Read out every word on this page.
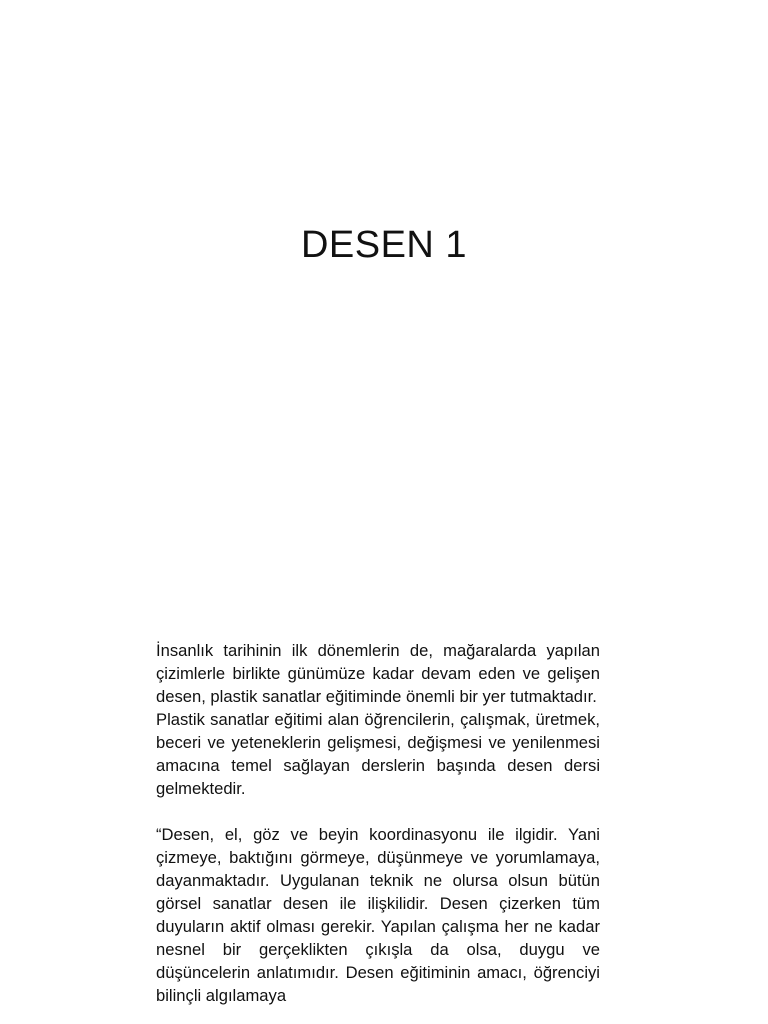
DESEN 1

İnsanlık tarihinin ilk dönemlerin de, mağaralarda yapılan çizimlerle birlikte günümüze kadar devam eden ve gelişen desen, plastik sanatlar eğitiminde önemli bir yer tutmaktadır.

Plastik sanatlar eğitimi alan öğrencilerin, çalışmak, üretmek, beceri ve yeteneklerin gelişmesi, değişmesi ve yenilenmesi amacına temel sağlayan derslerin başında desen dersi gelmektedir.

“Desen, el, göz ve beyin koordinasyonu ile ilgidir. Yani çizmeye, baktığını görmeye, düşünmeye ve yorumlamaya, dayanmaktadır. Uygulanan teknik ne olursa olsun bütün görsel sanatlar desen ile ilişkilidir. Desen çizerken tüm duyuların aktif olması gerekir. Yapılan çalışma her ne kadar nesnel bir gerçeklikten çıkışla da olsa, duygu ve düşüncelerin anlatımıdır. Desen eğitiminin amacı, öğrenciyi bilinçli algılamaya
